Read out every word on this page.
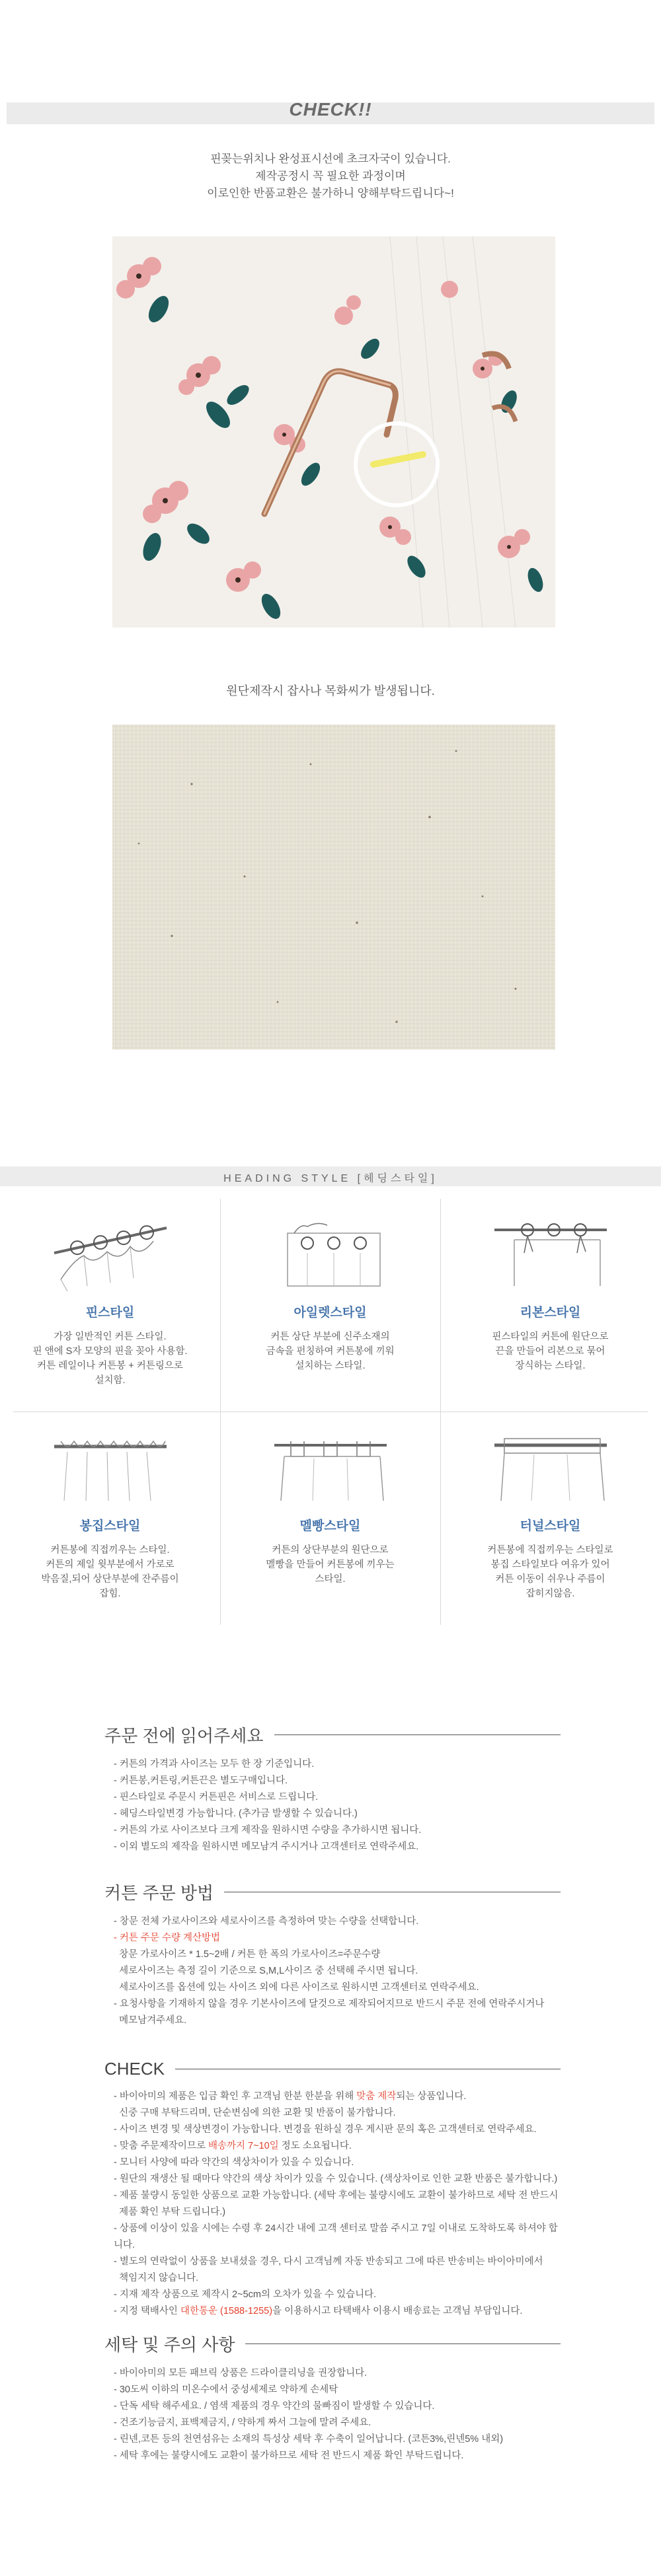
CHECK!!
핀꽂는위치나 완성표시선에 초크자국이 있습니다.
제작공정시 꼭 필요한 과정이며
이로인한 반품교환은 불가하니 양해부탁드립니다~!
원단제작시 잡사나 목화씨가 발생됩니다.
HEADING STYLE [헤딩스타일]
핀스타일
가장 일반적인 커튼 스타일.
핀 앤에 S자 모양의 핀을 꽂아 사용함.
커튼 레일이나 커튼봉 + 커튼링으로
설치함.
아일렛스타일
커튼 상단 부분에 신주소재의
금속을 펀칭하여 커튼봉에 끼워
설치하는 스타일.
리본스타일
핀스타일의 커튼에 원단으로
끈을 만들어 리본으로 묶어
장식하는 스타일.
봉집스타일
커튼봉에 직접끼우는 스타일.
커튼의 제일 윗부분에서 가로로
박음질,되어 상단부분에 잔주름이
잡힘.
멜빵스타일
커튼의 상단부분의 원단으로
멜빵을 만들어 커튼봉에 끼우는
스타일.
터널스타일
커튼봉에 직접끼우는 스타일로
봉집 스타일보다 여유가 있어
커튼 이동이 쉬우나 주름이
잡히지않음.
주문 전에 읽어주세요
- 커튼의 가격과 사이즈는 모두 한 장 기준입니다.
- 커튼봉,커튼링,커튼끈은 별도구매입니다.
- 핀스타일로 주문시 커튼핀은 서비스로 드립니다.
- 헤딩스타일변경 가능합니다. (추가금 발생할 수 있습니다.)
- 커튼의 가로 사이즈보다 크게 제작을 원하시면 수량을 추가하시면 됩니다.
- 이외 별도의 제작을 원하시면 메모남겨 주시거나 고객센터로 연락주세요.
커튼 주문 방법
- 창문 전체 가로사이즈와 세로사이즈를 측정하여 맞는 수량을 선택합니다.
- 커튼 주문 수량 계산방법
창문 가로사이즈 * 1.5~2배 / 커튼 한 폭의 가로사이즈=주문수량
세로사이즈는 측정 길이 기준으로 S,M,L사이즈 중 선택해 주시면 됩니다.
세로사이즈를 옵션에 있는 사이즈 외에 다른 사이즈로 원하시면 고객센터로 연락주세요.
- 요청사항을 기재하지 않을 경우 기본사이즈에 달것으로 제작되어지므로 반드시 주문 전에 연락주시거나
메모남겨주세요.
CHECK
- 바이아미의 제품은 입금 확인 후 고객님 한분 한분을 위해 맞춤 제작되는 상품입니다.
신중 구매 부탁드리며, 단순변심에 의한 교환 및 반품이 불가합니다.
- 사이즈 변경 및 색상변경이 가능합니다. 변경을 원하실 경우 게시판 문의 혹은 고객센터로 연락주세요.
- 맞춤 주문제작이므로 배송까지 7~10일 정도 소요됩니다.
- 모니터 사양에 따라 약간의 색상차이가 있을 수 있습니다.
- 원단의 재생산 될 때마다 약간의 색상 차이가 있을 수 있습니다. (색상차이로 인한 교환 반품은 불가합니다.)
- 제품 불량시 동일한 상품으로 교환 가능합니다. (세탁 후에는 불량시에도 교환이 불가하므로 세탁 전 반드시
제품 확인 부탁 드립니다.)
- 상품에 이상이 있을 시에는 수령 후 24시간 내에 고객 센터로 말씀 주시고 7일 이내로 도착하도록 하셔야 합니다.
- 별도의 연락없이 상품을 보내셨을 경우, 다시 고객님께 자동 반송되고 그에 따른 반송비는 바이아미에서
책임지지 않습니다.
- 지재 제작 상품으로 제작시 2~5cm의 오차가 있을 수 있습니다.
- 지정 택배사인 대한통운 (1588-1255)을 이용하시고 타택배사 이용시 배송료는 고객님 부담입니다.
세탁 및 주의 사항
- 바이아미의 모든 패브릭 상품은 드라이클리닝을 권장합니다.
- 30도씨 이하의 미온수에서 중성세제로 약하게 손세탁
- 단독 세탁 해주세요. / 염색 제품의 경우 약간의 물빠짐이 발생할 수 있습니다.
- 건조기능금지, 표백제금지, / 약하게 짜서 그늘에 말려 주세요.
- 린넨,코튼 등의 천연섬유는 소재의 특성상 세탁 후 수축이 일어납니다. (코튼3%,린넨5% 내외)
- 세탁 후에는 불량시에도 교환이 불가하므로 세탁 전 반드시 제품 확인 부탁드립니다.
